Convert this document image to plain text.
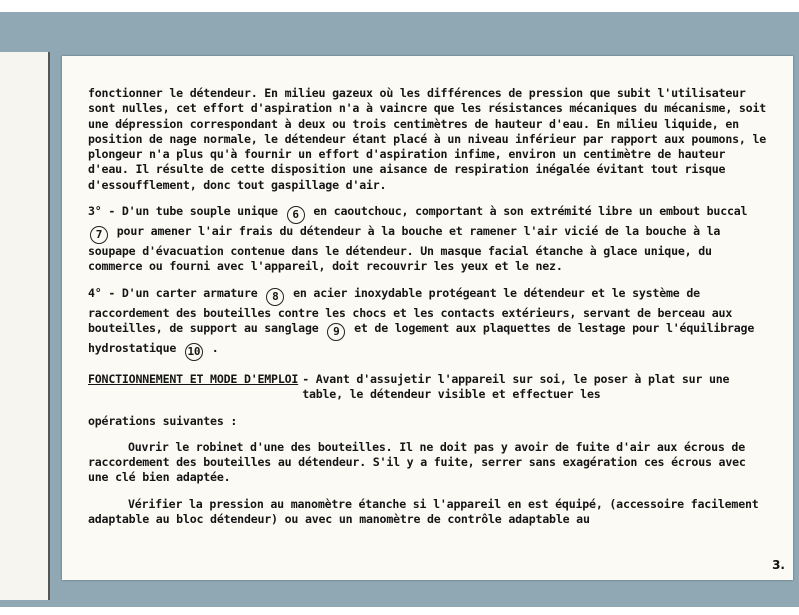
fonctionner le détendeur. En milieu gazeux où les différences de pression que subit l'utilisateur sont nulles, cet effort d'aspiration n'a à vaincre que les résistances mécaniques du mécanisme, soit une dépression correspondant à deux ou trois centimètres de hauteur d'eau. En milieu liquide, en position de nage normale, le détendeur étant placé à un niveau inférieur par rapport aux poumons, le plongeur n'a plus qu'à fournir un effort d'aspiration infime, environ un centimètre de hauteur d'eau. Il résulte de cette disposition une aisance de respiration inégalée évitant tout risque d'essoufflement, donc tout gaspillage d'air.

3° - D'un tube souple unique 6 en caoutchouc, comportant à son extrémité libre un embout buccal 7 pour amener l'air frais du détendeur à la bouche et ramener l'air vicié de la bouche à la soupape d'évacuation contenue dans le détendeur. Un masque facial étanche à glace unique, du commerce ou fourni avec l'appareil, doit recouvrir les yeux et le nez.

4° - D'un carter armature 8 en acier inoxydable protégeant le détendeur et le système de raccordement des bouteilles contre les chocs et les contacts extérieurs, servant de berceau aux bouteilles, de support au sanglage 9 et de logement aux plaquettes de lestage pour l'équilibrage hydrostatique 10 .

FONCTIONNEMENT ET MODE D'EMPLOI - Avant d'assujetir l'appareil sur soi, le poser à plat sur une table, le détendeur visible et effectuer les

opérations suivantes :

Ouvrir le robinet d'une des bouteilles. Il ne doit pas y avoir de fuite d'air aux écrous de raccordement des bouteilles au détendeur. S'il y a fuite, serrer sans exagération ces écrous avec une clé bien adaptée.

Vérifier la pression au manomètre étanche si l'appareil en est équipé, (accessoire facilement adaptable au bloc détendeur) ou avec un manomètre de contrôle adaptable au

3.
